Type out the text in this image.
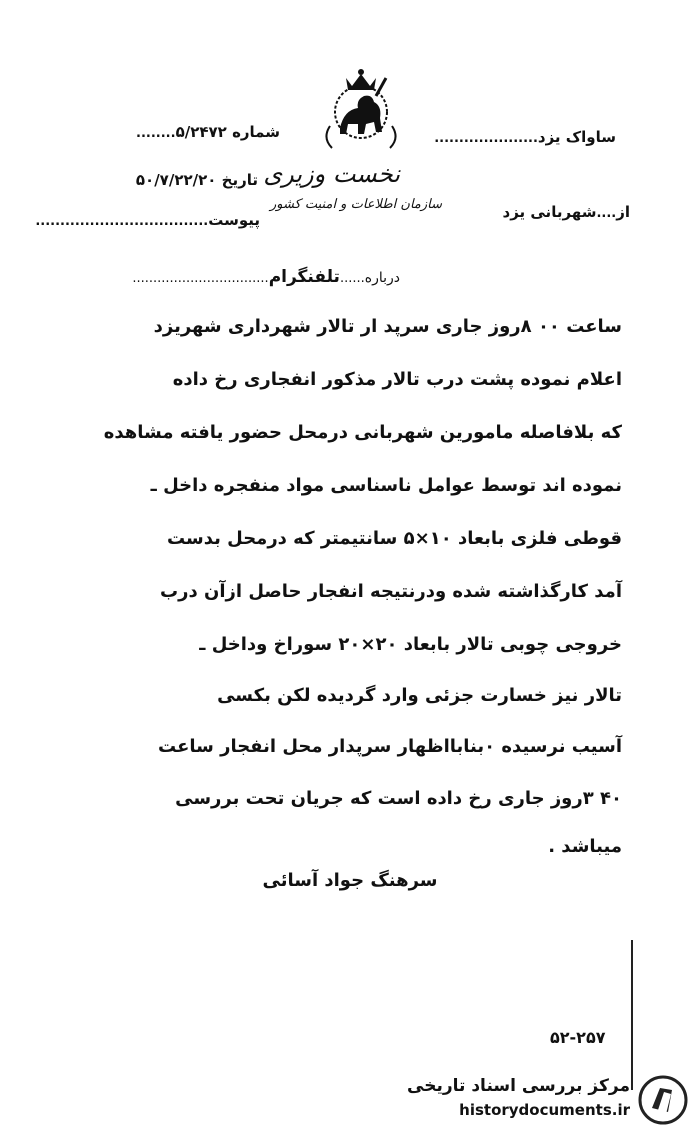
نخست وزیری
سازمان اطلاعات و امنیت کشور
ساواک یزد.....................
از....شهربانی یزد
شماره ۵/۲۴۷۲........
تاریخ ۵۰/۷/۲۲/۲۰
پیوست...................................
درباره......تلفنگرام.................................
ساعت ۰۰ ۸روز جاری سرپد ار تالار شهرداری شهریزد
اعلام نموده پشت درب تالار مذکور انفجاری رخ داده
که بلافاصله مامورین شهربانی درمحل حضور یافته مشاهده
نموده اند توسط عوامل ناسناسی مواد منفجره داخل ـ
قوطی فلزی بابعاد ۱۰×۵ سانتیمتر که درمحل بدست
آمد کارگذاشته شده ودرنتیجه انفجار حاصل ازآن درب
خروجی چوبی تالار بابعاد ۲۰×۲۰ سوراخ وداخل ـ
تالار نیز خسارت جزئی وارد گردیده لکن بکسی
آسیب نرسیده ۰بنابااظهار سرپدار محل انفجار ساعت
۴۰ ۳روز جاری رخ داده است که جریان تحت بررسی
میباشد .
سرهنگ جواد آسائی
۵۲-۲۵۷
مرکز بررسی اسناد تاریخی
historydocuments.ir
